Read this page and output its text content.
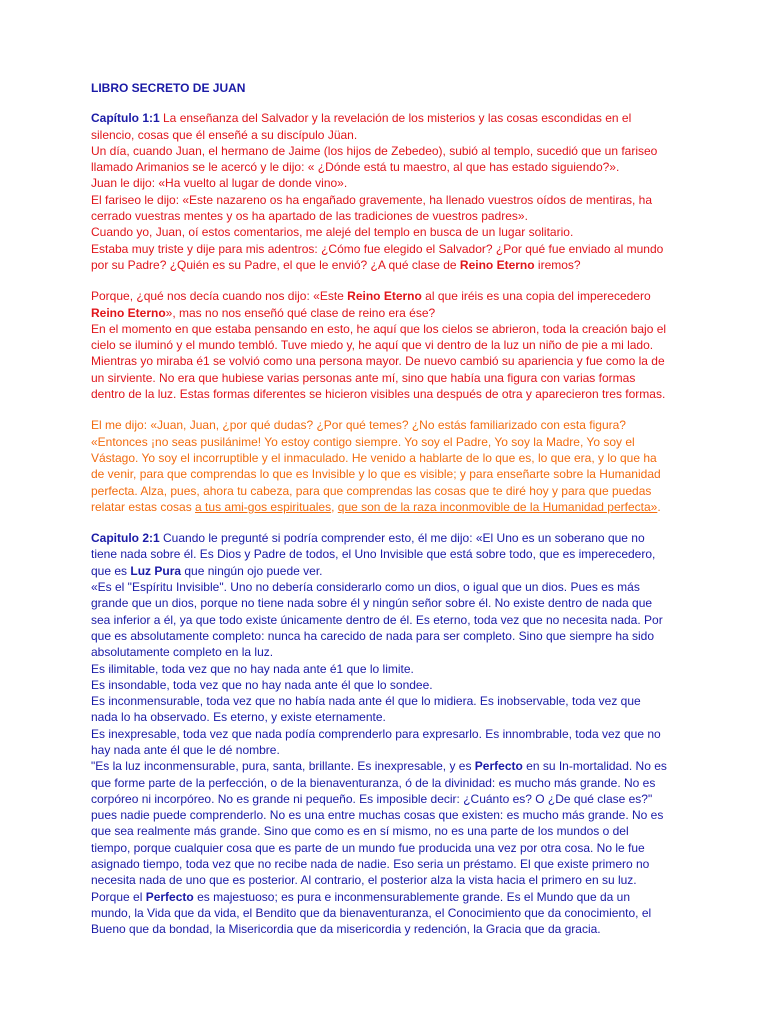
LIBRO SECRETO DE JUAN

Capítulo 1:1 La enseñanza del Salvador y la revelación de los misterios y las cosas escondidas en el silencio, cosas que él enseñé a su discípulo Jüan.

Un día, cuando Juan, el hermano de Jaime (los hijos de Zebedeo), subió al templo, sucedió que un fariseo llamado Arimanios se le acercó y le dijo: « ¿Dónde está tu maestro, al que has estado siguiendo?».

Juan le dijo: «Ha vuelto al lugar de donde vino».

El fariseo le dijo: «Este nazareno os ha engañado gravemente, ha llenado vuestros oídos de mentiras, ha cerrado vuestras mentes y os ha apartado de las tradiciones de vuestros padres».

Cuando yo, Juan, oí estos comentarios, me alejé del templo en busca de un lugar solitario.

Estaba muy triste y dije para mis adentros: ¿Cómo fue elegido el Salvador? ¿Por qué fue enviado al mundo por su Padre? ¿Quién es su Padre, el que le envió? ¿A qué clase de Reino Eterno iremos?

Porque, ¿qué nos decía cuando nos dijo: «Este Reino Eterno al que iréis es una copia del imperecedero Reino Eterno», mas no nos enseñó qué clase de reino era ése?

En el momento en que estaba pensando en esto, he aquí que los cielos se abrieron, toda la creación bajo el cielo se iluminó y el mundo tembló. Tuve miedo y, he aquí que vi dentro de la luz un niño de pie a mi lado. Mientras yo miraba é1 se volvió como una persona mayor. De nuevo cambió su apariencia y fue como la de un sirviente. No era que hubiese varias personas ante mí, sino que había una figura con varias formas dentro de la luz. Estas formas diferentes se hicieron visibles una después de otra y aparecieron tres formas.

El me dijo: «Juan, Juan, ¿por qué dudas? ¿Por qué temes? ¿No estás familiarizado con esta figura?

«Entonces ¡no seas pusilánime! Yo estoy contigo siempre. Yo soy el Padre, Yo soy la Madre, Yo soy el Vástago. Yo soy el incorruptible y el inmaculado. He venido a hablarte de lo que es, lo que era, y lo que ha de venir, para que comprendas lo que es Invisible y lo que es visible; y para enseñarte sobre la Humanidad perfecta. Alza, pues, ahora tu cabeza, para que comprendas las cosas que te diré hoy y para que puedas relatar estas cosas a tus ami-gos espirituales, que son de la raza inconmovible de la Humanidad perfecta».

Capitulo 2:1 Cuando le pregunté si podría comprender esto, él me dijo: «El Uno es un soberano que no tiene nada sobre él. Es Dios y Padre de todos, el Uno Invisible que está sobre todo, que es imperecedero, que es Luz Pura que ningún ojo puede ver.

«Es el "Espíritu Invisible". Uno no debería considerarlo como un dios, o igual que un dios. Pues es más grande que un dios, porque no tiene nada sobre él y ningún señor sobre él. No existe dentro de nada que sea inferior a él, ya que todo existe únicamente dentro de él. Es eterno, toda vez que no necesita nada. Por que es absolutamente completo: nunca ha carecido de nada para ser completo. Sino que siempre ha sido absolutamente completo en la luz.

Es ilimitable, toda vez que no hay nada ante é1 que lo limite.

Es insondable, toda vez que no hay nada ante él que lo sondee.

Es inconmensurable, toda vez que no había nada ante él que lo midiera. Es inobservable, toda vez que nada lo ha observado. Es eterno, y existe eternamente.

Es inexpresable, toda vez que nada podía comprenderlo para expresarlo. Es innombrable, toda vez que no hay nada ante él que le dé nombre.

"Es la luz inconmensurable, pura, santa, brillante. Es inexpresable, y es Perfecto en su In-mortalidad. No es que forme parte de la perfección, o de la bienaventuranza, ó de la divinidad: es mucho más grande. No es corpóreo ni incorpóreo. No es grande ni pequeño. Es imposible decir: ¿Cuánto es? O ¿De qué clase es?" pues nadie puede comprenderlo. No es una entre muchas cosas que existen: es mucho más grande. No es que sea realmente más grande. Sino que como es en sí mismo, no es una parte de los mundos o del tiempo, porque cualquier cosa que es parte de un mundo fue producida una vez por otra cosa. No le fue asignado tiempo, toda vez que no recibe nada de nadie. Eso seria un préstamo. El que existe primero no necesita nada de uno que es posterior. Al contrario, el posterior alza la vista hacia el primero en su luz. Porque el Perfecto es majestuoso; es pura e inconmensurablemente grande. Es el Mundo que da un mundo, la Vida que da vida, el Bendito que da bienaventuranza, el Conocimiento que da conocimiento, el Bueno que da bondad, la Misericordia que da misericordia y redención, la Gracia que da gracia.
